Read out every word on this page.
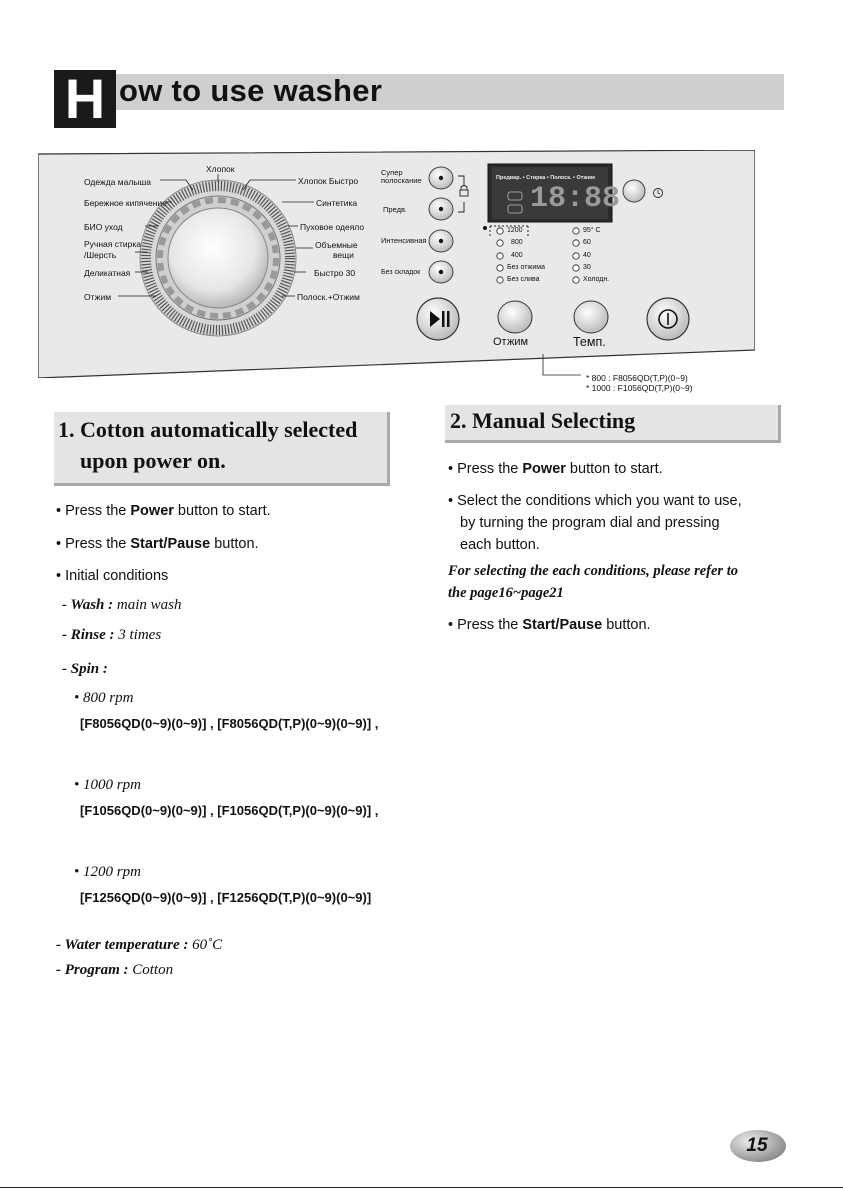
H ow to use washer
Хлопок
Одежда малыша
Бережное кипячение
БИО уход
Ручная стирка
/Шерсть
Деликатная
Отжим
Хлопок Быстро
Синтетика
Пуховое одеяло
Объемные
вещи
Быстро 30
Полоск.+Отжим
Супер
полоскание
Предв.
Интенсивная
Без складок
Предвар. • Стирка • Полоск. • Отжим
18:88
1200
800
400
Без отжима
Без слива
95° C
60
40
30
Холодн.
Отжим	Темп.
* 800 : F8056QD(T,P)(0~9)
* 1000 : F1056QD(T,P)(0~9)
1. Cotton automatically selected
upon power on.
• Press the Power button to start.
• Press the Start/Pause button.
• Initial conditions
- Wash : main wash
- Rinse : 3 times
- Spin :
• 800 rpm
[F8056QD(0~9)(0~9)] , [F8056QD(T,P)(0~9)(0~9)] ,
• 1000 rpm
[F1056QD(0~9)(0~9)] , [F1056QD(T,P)(0~9)(0~9)] ,
• 1200 rpm
[F1256QD(0~9)(0~9)] , [F1256QD(T,P)(0~9)(0~9)]
- Water temperature : 60˚C
- Program : Cotton
2. Manual Selecting
• Press the Power button to start.
• Select the conditions which you want to use,
by turning the program dial and pressing
each button.
For selecting the each conditions, please refer to
the page16~page21
• Press the Start/Pause button.
15
